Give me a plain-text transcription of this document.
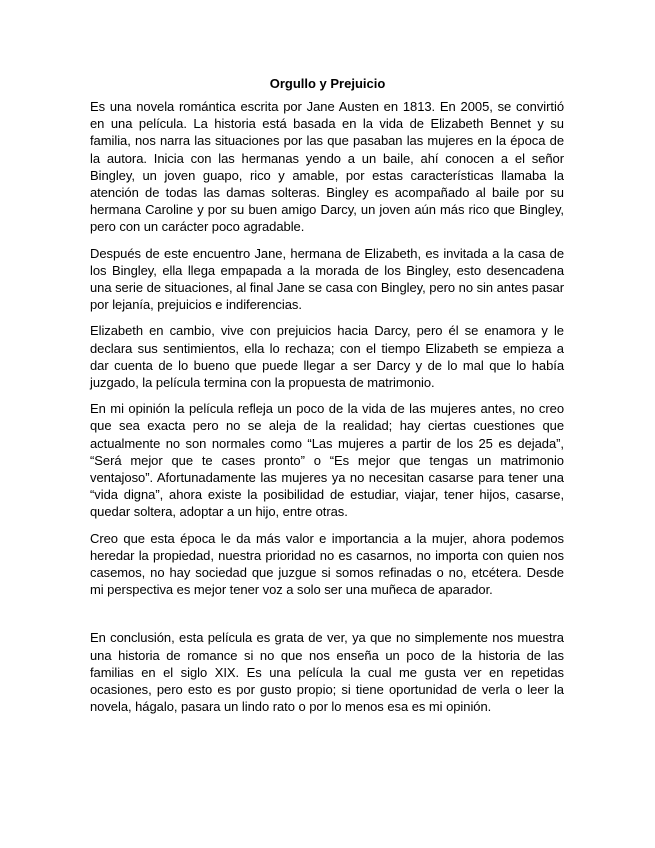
Orgullo y Prejuicio

Es una novela romántica escrita por Jane Austen en 1813. En 2005, se convirtió en una película. La historia está basada en la vida de Elizabeth Bennet y su familia, nos narra las situaciones por las que pasaban las mujeres en la época de la autora. Inicia con las hermanas yendo a un baile, ahí conocen a el señor Bingley, un joven guapo, rico y amable, por estas características llamaba la atención de todas las damas solteras. Bingley es acompañado al baile por su hermana Caroline y por su buen amigo Darcy, un joven aún más rico que Bingley, pero con un carácter poco agradable.

Después de este encuentro Jane, hermana de Elizabeth, es invitada a la casa de los Bingley, ella llega empapada a la morada de los Bingley, esto desencadena una serie de situaciones, al final Jane se casa con Bingley, pero no sin antes pasar por lejanía, prejuicios e indiferencias.

Elizabeth en cambio, vive con prejuicios hacia Darcy, pero él se enamora y le declara sus sentimientos, ella lo rechaza; con el tiempo Elizabeth se empieza a dar cuenta de lo bueno que puede llegar a ser Darcy y de lo mal que lo había juzgado, la película termina con la propuesta de matrimonio.

En mi opinión la película refleja un poco de la vida de las mujeres antes, no creo que sea exacta pero no se aleja de la realidad; hay ciertas cuestiones que actualmente no son normales como “Las mujeres a partir de los 25 es dejada”, “Será mejor que te cases pronto” o “Es mejor que tengas un matrimonio ventajoso”. Afortunadamente las mujeres ya no necesitan casarse para tener una “vida digna”, ahora existe la posibilidad de estudiar, viajar, tener hijos, casarse, quedar soltera, adoptar a un hijo, entre otras.

Creo que esta época le da más valor e importancia a la mujer, ahora podemos heredar la propiedad, nuestra prioridad no es casarnos, no importa con quien nos casemos, no hay sociedad que juzgue si somos refinadas o no, etcétera. Desde mi perspectiva es mejor tener voz a solo ser una muñeca de aparador.

En conclusión, esta película es grata de ver, ya que no simplemente nos muestra una historia de romance si no que nos enseña un poco de la historia de las familias en el siglo XIX. Es una película la cual me gusta ver en repetidas ocasiones, pero esto es por gusto propio; si tiene oportunidad de verla o leer la novela, hágalo, pasara un lindo rato o por lo menos esa es mi opinión.
